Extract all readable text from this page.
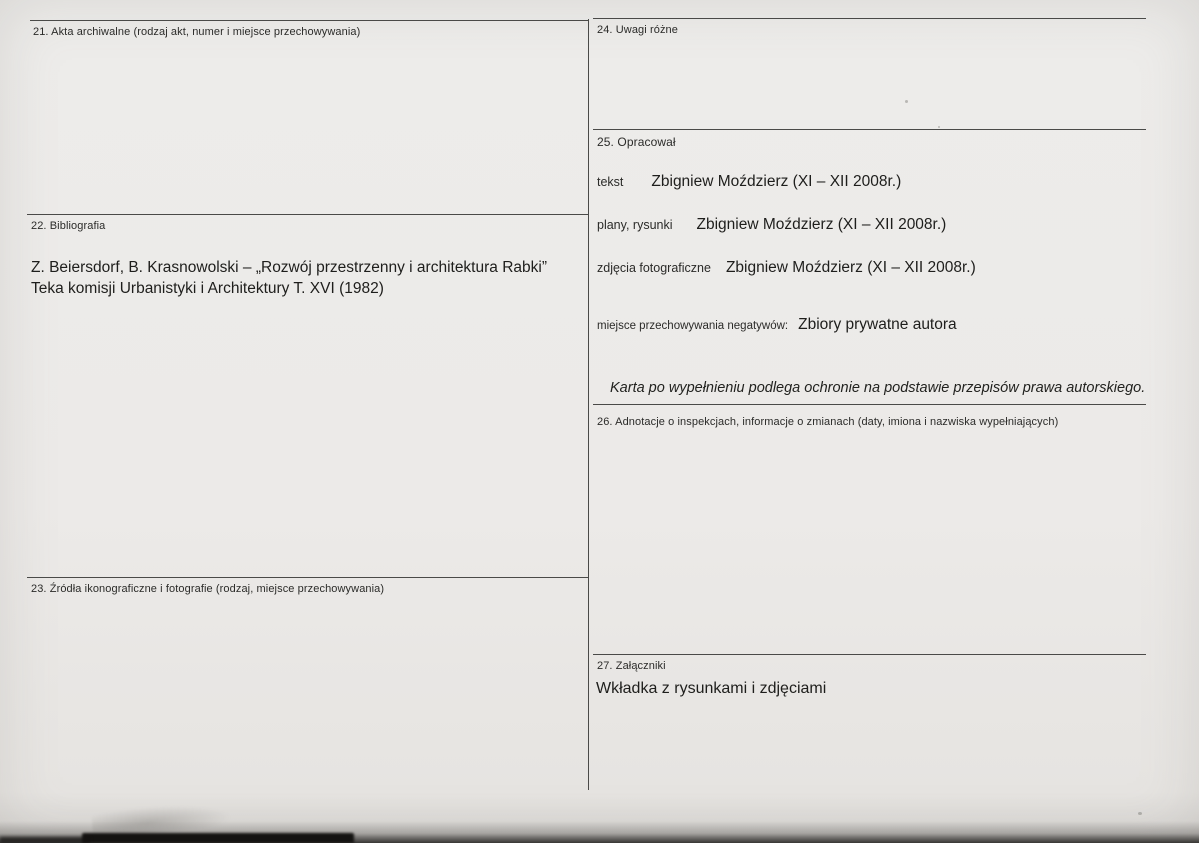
21. Akta archiwalne (rodzaj akt, numer i miejsce przechowywania)
22. Bibliografia
Z. Beiersdorf, B. Krasnowolski – „Rozwój przestrzenny i architektura Rabki”
Teka komisji Urbanistyki i Architektury T. XVI (1982)
23. Źródła ikonograficzne i fotografie (rodzaj, miejsce przechowywania)
24. Uwagi różne
25. Opracował
tekst Zbigniew Moździerz (XI – XII 2008r.)
plany, rysunki Zbigniew Moździerz (XI – XII 2008r.)
zdjęcia fotograficzne Zbigniew Moździerz (XI – XII 2008r.)
miejsce przechowywania negatywów: Zbiory prywatne autora
Karta po wypełnieniu podlega ochronie na podstawie przepisów prawa autorskiego.
26. Adnotacje o inspekcjach, informacje o zmianach (daty, imiona i nazwiska wypełniających)
27. Załączniki
Wkładka z rysunkami i zdjęciami
